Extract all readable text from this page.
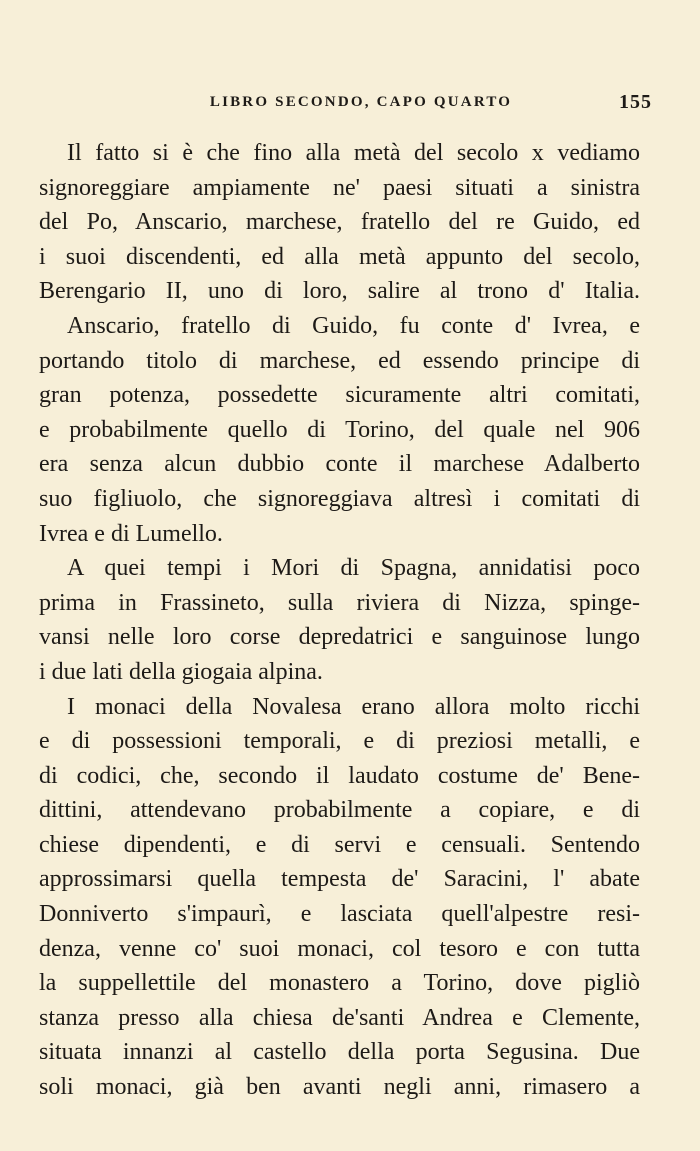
LIBRO SECONDO, CAPO QUARTO	155
Il fatto si è che fino alla metà del secolo x vediamo
signoreggiare ampiamente ne' paesi situati a sinistra
del Po, Anscario, marchese, fratello del re Guido, ed
i suoi discendenti, ed alla metà appunto del secolo,
Berengario II, uno di loro, salire al trono d' Italia.
Anscario, fratello di Guido, fu conte d' Ivrea, e
portando titolo di marchese, ed essendo principe di
gran potenza, possedette sicuramente altri comitati,
e probabilmente quello di Torino, del quale nel 906
era senza alcun dubbio conte il marchese Adalberto
suo figliuolo, che signoreggiava altresì i comitati di
Ivrea e di Lumello.
A quei tempi i Mori di Spagna, annidatisi poco
prima in Frassineto, sulla riviera di Nizza, spinge-
vansi nelle loro corse depredatrici e sanguinose lungo
i due lati della giogaia alpina.
I monaci della Novalesa erano allora molto ricchi
e di possessioni temporali, e di preziosi metalli, e
di codici, che, secondo il laudato costume de' Bene-
dittini, attendevano probabilmente a copiare, e di
chiese dipendenti, e di servi e censuali. Sentendo
approssimarsi quella tempesta de' Saracini, l' abate
Donniverto s'impaurì, e lasciata quell'alpestre resi-
denza, venne co' suoi monaci, col tesoro e con tutta
la suppellettile del monastero a Torino, dove pigliò
stanza presso alla chiesa de'santi Andrea e Clemente,
situata innanzi al castello della porta Segusina. Due
soli monaci, già ben avanti negli anni, rimasero a
